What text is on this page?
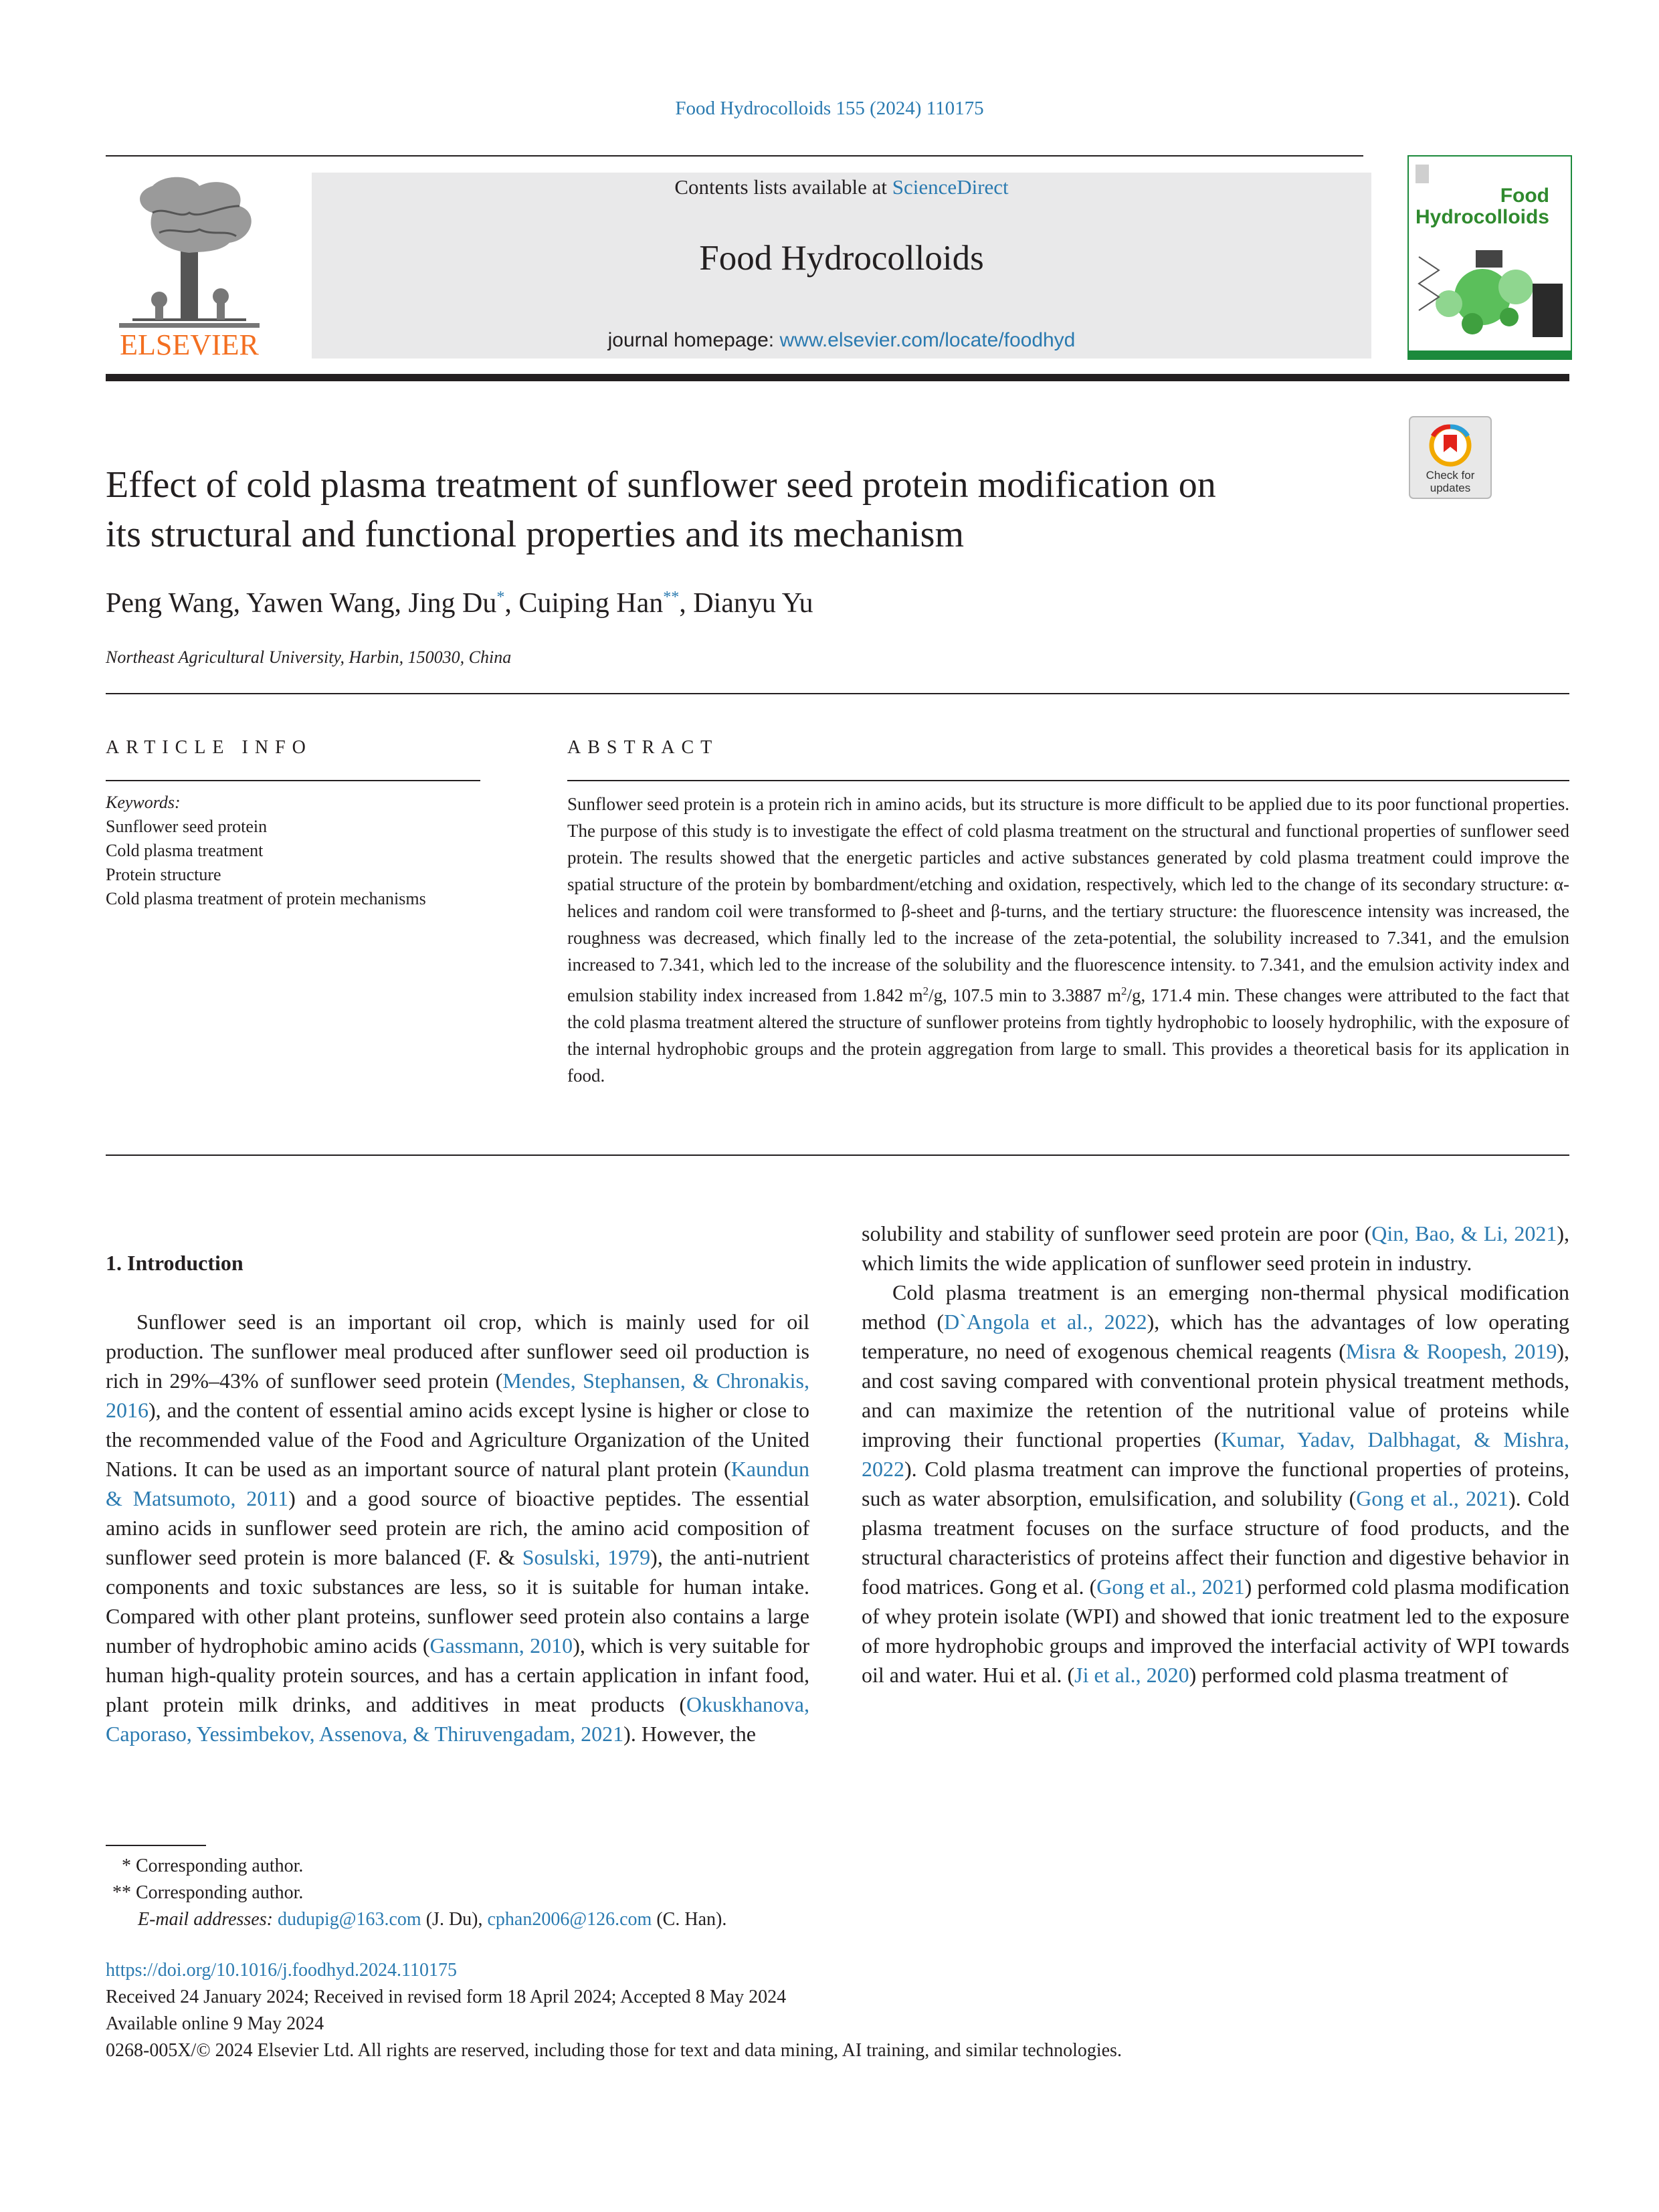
Food Hydrocolloids 155 (2024) 110175
ELSEVIER
Contents lists available at ScienceDirect
Food Hydrocolloids
journal homepage: www.elsevier.com/locate/foodhyd
Food
Hydrocolloids
Effect of cold plasma treatment of sunflower seed protein modification on
its structural and functional properties and its mechanism
Check for
updates
Peng Wang, Yawen Wang, Jing Du*, Cuiping Han**, Dianyu Yu
Northeast Agricultural University, Harbin, 150030, China
ARTICLE INFO
Keywords:
Sunflower seed protein
Cold plasma treatment
Protein structure
Cold plasma treatment of protein mechanisms
ABSTRACT
Sunflower seed protein is a protein rich in amino acids, but its structure is more difficult to be applied due to its poor functional properties. The purpose of this study is to investigate the effect of cold plasma treatment on the structural and functional properties of sunflower seed protein. The results showed that the energetic particles and active substances generated by cold plasma treatment could improve the spatial structure of the protein by bombardment/etching and oxidation, respectively, which led to the change of its secondary structure: α-helices and random coil were transformed to β-sheet and β-turns, and the tertiary structure: the fluorescence intensity was increased, the roughness was decreased, which finally led to the increase of the zeta-potential, the solubility increased to 7.341, and the emulsion increased to 7.341, which led to the increase of the solubility and the fluorescence intensity. to 7.341, and the emulsion activity index and emulsion stability index increased from 1.842 $m^2/g$, 107.5 min to 3.3887 $m^2/g$, 171.4 min. These changes were attributed to the fact that the cold plasma treatment altered the structure of sunflower proteins from tightly hydrophobic to loosely hydrophilic, with the exposure of the internal hydrophobic groups and the protein aggregation from large to small. This provides a theoretical basis for its application in food.

1. Introduction

Sunflower seed is an important oil crop, which is mainly used for oil production. The sunflower meal produced after sunflower seed oil production is rich in 29%–43% of sunflower seed protein (Mendes, Stephansen, & Chronakis, 2016), and the content of essential amino acids except lysine is higher or close to the recommended value of the Food and Agriculture Organization of the United Nations. It can be used as an important source of natural plant protein (Kaundun & Matsumoto, 2011) and a good source of bioactive peptides. The essential amino acids in sunflower seed protein are rich, the amino acid composition of sunflower seed protein is more balanced (F. & Sosulski, 1979), the anti-nutrient components and toxic substances are less, so it is suitable for human intake. Compared with other plant proteins, sunflower seed protein also contains a large number of hydrophobic amino acids (Gassmann, 2010), which is very suitable for human high-quality protein sources, and has a certain application in infant food, plant protein milk drinks, and additives in meat products (Okuskhanova, Caporaso, Yessimbekov, Assenova, & Thiruvengadam, 2021). However, the

solubility and stability of sunflower seed protein are poor (Qin, Bao, & Li, 2021), which limits the wide application of sunflower seed protein in industry.

Cold plasma treatment is an emerging non-thermal physical modification method (D`Angola et al., 2022), which has the advantages of low operating temperature, no need of exogenous chemical reagents (Misra & Roopesh, 2019), and cost saving compared with conventional protein physical treatment methods, and can maximize the retention of the nutritional value of proteins while improving their functional properties (Kumar, Yadav, Dalbhagat, & Mishra, 2022). Cold plasma treatment can improve the functional properties of proteins, such as water absorption, emulsification, and solubility (Gong et al., 2021). Cold plasma treatment focuses on the surface structure of food products, and the structural characteristics of proteins affect their function and digestive behavior in food matrices. Gong et al. (Gong et al., 2021) performed cold plasma modification of whey protein isolate (WPI) and showed that ionic treatment led to the exposure of more hydrophobic groups and improved the interfacial activity of WPI towards oil and water. Hui et al. (Ji et al., 2020) performed cold plasma treatment of

* Corresponding author.
** Corresponding author.
E-mail addresses: dudupig@163.com (J. Du), cphan2006@126.com (C. Han).
https://doi.org/10.1016/j.foodhyd.2024.110175
Received 24 January 2024; Received in revised form 18 April 2024; Accepted 8 May 2024
Available online 9 May 2024
0268-005X/© 2024 Elsevier Ltd. All rights are reserved, including those for text and data mining, AI training, and similar technologies.
